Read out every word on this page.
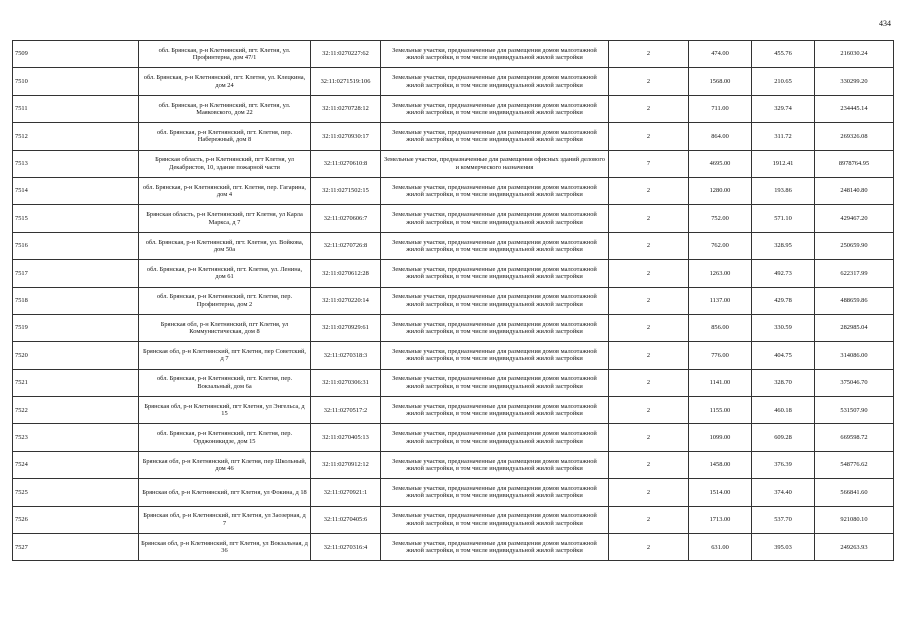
434
7509	обл. Брянская, р-н Клетнянский, пгт. Клетня, ул. Профинтерна, дом 47/1	32:11:0270227:62	Земельные участки, предназначенные для размещения домов малоэтажной жилой застройки, в том числе индивидуальной жилой застройки	2	474.00	455.76	216030.24
7510	обл. Брянская, р-н Клетнянский, пгт. Клетня, ул. Клецкина, дом 24	32:11:0271519:106	Земельные участки, предназначенные для размещения домов малоэтажной жилой застройки, в том числе индивидуальной жилой застройки	2	1568.00	210.65	330299.20
7511	обл. Брянская, р-н Клетнянский, пгт. Клетня, ул. Маяковского, дом 22	32:11:0270728:12	Земельные участки, предназначенные для размещения домов малоэтажной жилой застройки, в том числе индивидуальной жилой застройки	2	711.00	329.74	234445.14
7512	обл. Брянская, р-н Клетнянский, пгт. Клетня, пер. Набережный, дом 8	32:11:0270930:17	Земельные участки, предназначенные для размещения домов малоэтажной жилой застройки, в том числе индивидуальной жилой застройки	2	864.00	311.72	269326.08
7513	Брянская область, р-н Клетнянский, пгт Клетня, ул Декабристов, 10, здание пожарной части	32:11:0270610:8	Земельные участки, предназначенные для размещения офисных зданий делового и коммерческого назначения	7	4695.00	1912.41	8978764.95
7514	обл. Брянская, р-н Клетнянский, пгт. Клетня, пер. Гагарина, дом 4	32:11:0271502:15	Земельные участки, предназначенные для размещения домов малоэтажной жилой застройки, в том числе индивидуальной жилой застройки	2	1280.00	193.86	248140.80
7515	Брянская область, р-н Клетнянский, пгт Клетня, ул Карла Маркса, д 7	32:11:0270606:7	Земельные участки, предназначенные для размещения домов малоэтажной жилой застройки, в том числе индивидуальной жилой застройки	2	752.00	571.10	429467.20
7516	обл. Брянская, р-н Клетнянский, пгт. Клетня, ул. Войкова, дом 50а	32:11:0270726:8	Земельные участки, предназначенные для размещения домов малоэтажной жилой застройки, в том числе индивидуальной жилой застройки	2	762.00	328.95	250659.90
7517	обл. Брянская, р-н Клетнянский, пгт. Клетня, ул. Ленина, дом 61	32:11:0270612:28	Земельные участки, предназначенные для размещения домов малоэтажной жилой застройки, в том числе индивидуальной жилой застройки	2	1263.00	492.73	622317.99
7518	обл. Брянская, р-н Клетнянский, пгт. Клетня, пер. Профинтерна, дом 2	32:11:0270220:14	Земельные участки, предназначенные для размещения домов малоэтажной жилой застройки, в том числе индивидуальной жилой застройки	2	1137.00	429.78	488659.86
7519	Брянская обл, р-н Клетнянский, пгт Клетня, ул Коммунистическая, дом 8	32:11:0270929:61	Земельные участки, предназначенные для размещения домов малоэтажной жилой застройки, в том числе индивидуальной жилой застройки	2	856.00	330.59	282985.04
7520	Брянская обл, р-н Клетнянский, пгт Клетня, пер Советский, д 7	32:11:0270318:3	Земельные участки, предназначенные для размещения домов малоэтажной жилой застройки, в том числе индивидуальной жилой застройки	2	776.00	404.75	314086.00
7521	обл. Брянская, р-н Клетнянский, пгт. Клетня, пер. Вокзальный, дом 6а	32:11:0270306:31	Земельные участки, предназначенные для размещения домов малоэтажной жилой застройки, в том числе индивидуальной жилой застройки	2	1141.00	328.70	375046.70
7522	Брянская обл, р-н Клетнянский, пгт Клетня, ул Энгельса, д 15	32:11:0270517:2	Земельные участки, предназначенные для размещения домов малоэтажной жилой застройки, в том числе индивидуальной жилой застройки	2	1155.00	460.18	531507.90
7523	обл. Брянская, р-н Клетнянский, пгт. Клетня, пер. Орджоникидзе, дом 15	32:11:0270405:13	Земельные участки, предназначенные для размещения домов малоэтажной жилой застройки, в том числе индивидуальной жилой застройки	2	1099.00	609.28	669598.72
7524	Брянская обл, р-н Клетнянский, пгт Клетня, пер Школьный, дом 46	32:11:0270912:12	Земельные участки, предназначенные для размещения домов малоэтажной жилой застройки, в том числе индивидуальной жилой застройки	2	1458.00	376.39	548776.62
7525	Брянская обл, р-н Клетнянский, пгт Клетня, ул Фокина, д 18	32:11:0270921:1	Земельные участки, предназначенные для размещения домов малоэтажной жилой застройки, в том числе индивидуальной жилой застройки	2	1514.00	374.40	566841.60
7526	Брянская обл, р-н Клетнянский, пгт Клетня, ул Заозерная, д 7	32:11:0270405:6	Земельные участки, предназначенные для размещения домов малоэтажной жилой застройки, в том числе индивидуальной жилой застройки	2	1713.00	537.70	921080.10
7527	Брянская обл, р-н Клетнянский, пгт Клетня, ул Вокзальная, д 36	32:11:0270316:4	Земельные участки, предназначенные для размещения домов малоэтажной жилой застройки, в том числе индивидуальной жилой застройки	2	631.00	395.03	249263.93
